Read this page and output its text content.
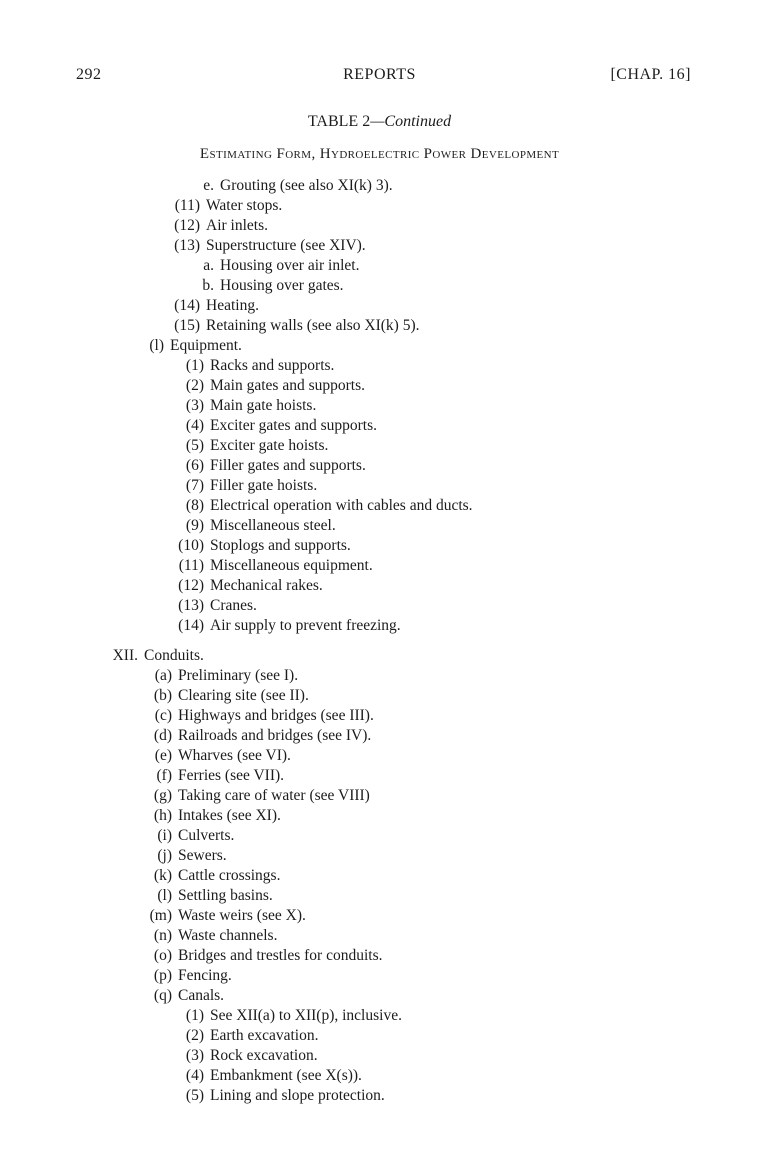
292	REPORTS	[CHAP. 16]
TABLE 2—Continued
Estimating Form, Hydroelectric Power Development
e. Grouting (see also XI(k) 3).
(11) Water stops.
(12) Air inlets.
(13) Superstructure (see XIV).
a. Housing over air inlet.
b. Housing over gates.
(14) Heating.
(15) Retaining walls (see also XI(k) 5).
(l) Equipment.
(1) Racks and supports.
(2) Main gates and supports.
(3) Main gate hoists.
(4) Exciter gates and supports.
(5) Exciter gate hoists.
(6) Filler gates and supports.
(7) Filler gate hoists.
(8) Electrical operation with cables and ducts.
(9) Miscellaneous steel.
(10) Stoplogs and supports.
(11) Miscellaneous equipment.
(12) Mechanical rakes.
(13) Cranes.
(14) Air supply to prevent freezing.
XII. Conduits.
(a) Preliminary (see I).
(b) Clearing site (see II).
(c) Highways and bridges (see III).
(d) Railroads and bridges (see IV).
(e) Wharves (see VI).
(f) Ferries (see VII).
(g) Taking care of water (see VIII)
(h) Intakes (see XI).
(i) Culverts.
(j) Sewers.
(k) Cattle crossings.
(l) Settling basins.
(m) Waste weirs (see X).
(n) Waste channels.
(o) Bridges and trestles for conduits.
(p) Fencing.
(q) Canals.
(1) See XII(a) to XII(p), inclusive.
(2) Earth excavation.
(3) Rock excavation.
(4) Embankment (see X(s)).
(5) Lining and slope protection.
